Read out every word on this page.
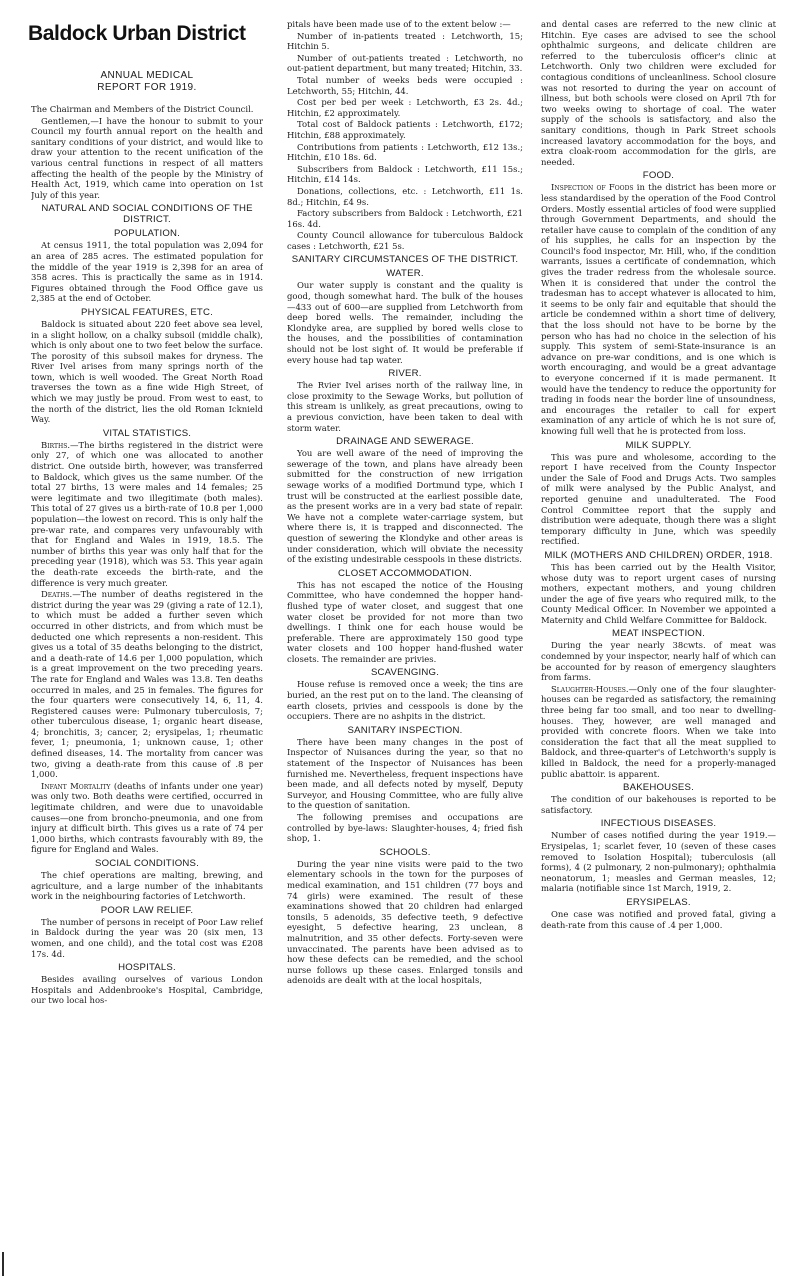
Baldock Urban District
ANNUAL MEDICAL
REPORT FOR 1919.

The Chairman and Members of the District Council.

Gentlemen,—I have the honour to submit to your Council my fourth annual report on the health and sanitary conditions of your district, and would like to draw your attention to the recent unification of the various central functions in respect of all matters affecting the health of the people by the Ministry of Health Act, 1919, which came into operation on 1st July of this year.

NATURAL AND SOCIAL CONDITIONS OF THE DISTRICT.
POPULATION.

At census 1911, the total population was 2,094 for an area of 285 acres. The estimated population for the middle of the year 1919 is 2,398 for an area of 358 acres. This is practically the same as in 1914. Figures obtained through the Food Office gave us 2,385 at the end of October.

PHYSICAL FEATURES, ETC.

Baldock is situated about 220 feet above sea level, in a slight hollow, on a chalky subsoil (middle chalk), which is only about one to two feet below the surface. The porosity of this subsoil makes for dryness. The River Ivel arises from many springs north of the town, which is well wooded. The Great North Road traverses the town as a fine wide High Street, of which we may justly be proud. From west to east, to the north of the district, lies the old Roman Icknield Way.

VITAL STATISTICS.

Births.—The births registered in the district were only 27, of which one was allocated to another district. One outside birth, however, was transferred to Baldock, which gives us the same number. Of the total 27 births, 13 were males and 14 females; 25 were legitimate and two illegitimate (both males). This total of 27 gives us a birth-rate of 10.8 per 1,000 population—the lowest on record. This is only half the pre-war rate, and compares very unfavourably with that for England and Wales in 1919, 18.5. The number of births this year was only half that for the preceding year (1918), which was 53. This year again the death-rate exceeds the birth-rate, and the difference is very much greater.

Deaths.—The number of deaths registered in the district during the year was 29 (giving a rate of 12.1), to which must be added a further seven which occurred in other districts, and from which must be deducted one which represents a non-resident. This gives us a total of 35 deaths belonging to the district, and a death-rate of 14.6 per 1,000 population, which is a great improvement on the two preceding years. The rate for England and Wales was 13.8. Ten deaths occurred in males, and 25 in females. The figures for the four quarters were consecutively 14, 6, 11, 4. Registered causes were: Pulmonary tuberculosis, 7; other tuberculous disease, 1; organic heart disease, 4; bronchitis, 3; cancer, 2; erysipelas, 1; rheumatic fever, 1; pneumonia, 1; unknown cause, 1; other defined diseases, 14. The mortality from cancer was two, giving a death-rate from this cause of .8 per 1,000.

Infant Mortality (deaths of infants under one year) was only two. Both deaths were certified, occurred in legitimate children, and were due to unavoidable causes—one from broncho-pneumonia, and one from injury at difficult birth. This gives us a rate of 74 per 1,000 births, which contrasts favourably with 89, the figure for England and Wales.

SOCIAL CONDITIONS.

The chief operations are malting, brewing, and agriculture, and a large number of the inhabitants work in the neighbouring factories of Letchworth.

POOR LAW RELIEF.

The number of persons in receipt of Poor Law relief in Baldock during the year was 20 (six men, 13 women, and one child), and the total cost was £208 17s. 4d.

HOSPITALS.

Besides availing ourselves of various London Hospitals and Addenbrooke's Hospital, Cambridge, our two local hos-

pitals have been made use of to the extent below :—

Number of in-patients treated : Letchworth, 15; Hitchin 5.

Number of out-patients treated : Letchworth, no out-patient department, but many treated; Hitchin, 33.

Total number of weeks beds were occupied : Letchworth, 55; Hitchin, 44.

Cost per bed per week : Letchworth, £3 2s. 4d.; Hitchin, £2 approximately.

Total cost of Baldock patients : Letchworth, £172; Hitchin, £88 approximately.

Contributions from patients : Letchworth, £12 13s.; Hitchin, £10 18s. 6d.

Subscribers from Baldock : Letchworth, £11 15s.; Hitchin, £14 14s.

Donations, collections, etc. : Letchworth, £11 1s. 8d.; Hitchin, £4 9s.

Factory subscribers from Baldock : Letchworth, £21 16s. 4d.

County Council allowance for tuberculous Baldock cases : Letchworth, £21 5s.

SANITARY CIRCUMSTANCES OF THE DISTRICT.
WATER.

Our water supply is constant and the quality is good, though somewhat hard. The bulk of the houses—433 out of 600—are supplied from Letchworth from deep bored wells. The remainder, including the Klondyke area, are supplied by bored wells close to the houses, and the possibilities of contamination should not be lost sight of. It would be preferable if every house had tap water.

RIVER.

The Rvier Ivel arises north of the railway line, in close proximity to the Sewage Works, but pollution of this stream is unlikely, as great precautions, owing to a previous conviction, have been taken to deal with storm water.

DRAINAGE AND SEWERAGE.

You are well aware of the need of improving the sewerage of the town, and plans have already been submitted for the construction of new irrigation sewage works of a modified Dortmund type, which I trust will be constructed at the earliest possible date, as the present works are in a very bad state of repair. We have not a complete water-carriage system, but where there is, it is trapped and disconnected. The question of sewering the Klondyke and other areas is under consideration, which will obviate the necessity of the existing undesirable cesspools in these districts.

CLOSET ACCOMMODATION.

This has not escaped the notice of the Housing Committee, who have condemned the hopper hand-flushed type of water closet, and suggest that one water closet be provided for not more than two dwellings. I think one for each house would be preferable. There are approximately 150 good type water closets and 100 hopper hand-flushed water closets. The remainder are privies.

SCAVENGING.

House refuse is removed once a week; the tins are buried, an the rest put on to the land. The cleansing of earth closets, privies and cesspools is done by the occupiers. There are no ashpits in the district.

SANITARY INSPECTION.

There have been many changes in the post of Inspector of Nuisances during the year, so that no statement of the Inspector of Nuisances has been furnished me. Nevertheless, frequent inspections have been made, and all defects noted by myself, Deputy Surveyor, and Housing Committee, who are fully alive to the question of sanitation.

The following premises and occupations are controlled by bye-laws: Slaughter-houses, 4; fried fish shop, 1.

SCHOOLS.

During the year nine visits were paid to the two elementary schools in the town for the purposes of medical examination, and 151 children (77 boys and 74 girls) were examined. The result of these examinations showed that 20 children had enlarged tonsils, 5 adenoids, 35 defective teeth, 9 defective eyesight, 5 defective hearing, 23 unclean, 8 malnutrition, and 35 other defects. Forty-seven were unvaccinated. The parents have been advised as to how these defects can be remedied, and the school nurse follows up these cases. Enlarged tonsils and adenoids are dealt with at the local hospitals,

and dental cases are referred to the new clinic at Hitchin. Eye cases are advised to see the school ophthalmic surgeons, and delicate children are referred to the tuberculosis officer's clinic at Letchworth. Only two children were excluded for contagious conditions of uncleanliness. School closure was not resorted to during the year on account of illness, but both schools were closed on April 7th for two weeks owing to shortage of coal. The water supply of the schools is satisfactory, and also the sanitary conditions, though in Park Street schools increased lavatory accommodation for the boys, and extra cloak-room accommodation for the girls, are needed.

FOOD.

Inspection of Foods in the district has been more or less standardised by the operation of the Food Control Orders. Mostly essential articles of food were supplied through Government Departments, and should the retailer have cause to complain of the condition of any of his supplies, he calls for an inspection by the Council's food inspector, Mr. Hill, who, if the condition warrants, issues a certificate of condemnation, which gives the trader redress from the wholesale source. When it is considered that under the control the tradesman has to accept whatever is allocated to him, it seems to be only fair and equitable that should the article be condemned within a short time of delivery, that the loss should not have to be borne by the person who has had no choice in the selection of his supply. This system of semi-State-insurance is an advance on pre-war conditions, and is one which is worth encouraging, and would be a great advantage to everyone concerned if it is made permanent. It would have the tendency to reduce the opportunity for trading in foods near the border line of unsoundness, and encourages the retailer to call for expert examination of any article of which he is not sure of, knowing full well that he is protected from loss.

MILK SUPPLY.

This was pure and wholesome, according to the report I have received from the County Inspector under the Sale of Food and Drugs Acts. Two samples of milk were analysed by the Public Analyst, and reported genuine and unadulterated. The Food Control Committee report that the supply and distribution were adequate, though there was a slight temporary difficulty in June, which was speedily rectified.

MILK (MOTHERS AND CHILDREN) ORDER, 1918.

This has been carried out by the Health Visitor, whose duty was to report urgent cases of nursing mothers, expectant mothers, and young children under the age of five years who required milk, to the County Medical Officer. In November we appointed a Maternity and Child Welfare Committee for Baldock.

MEAT INSPECTION.

During the year nearly 38cwts. of meat was condemned by your inspector, nearly half of which can be accounted for by reason of emergency slaughters from farms.

Slaughter-Houses.—Only one of the four slaughter-houses can be regarded as satisfactory, the remaining three being far too small, and too near to dwelling-houses. They, however, are well managed and provided with concrete floors. When we take into consideration the fact that all the meat supplied to Baldock, and three-quarter's of Letchworth's supply is killed in Baldock, the need for a properly-managed public abattoir. is apparent.

BAKEHOUSES.

The condition of our bakehouses is reported to be satisfactory.

INFECTIOUS DISEASES.

Number of cases notified during the year 1919.—Erysipelas, 1; scarlet fever, 10 (seven of these cases removed to Isolation Hospital); tuberculosis (all forms), 4 (2 pulmonary, 2 non-pulmonary); ophthalmia neonatorum, 1; measles and German measles, 12; malaria (notifiable since 1st March, 1919, 2.

ERYSIPELAS.

One case was notified and proved fatal, giving a death-rate from this cause of .4 per 1,000.
